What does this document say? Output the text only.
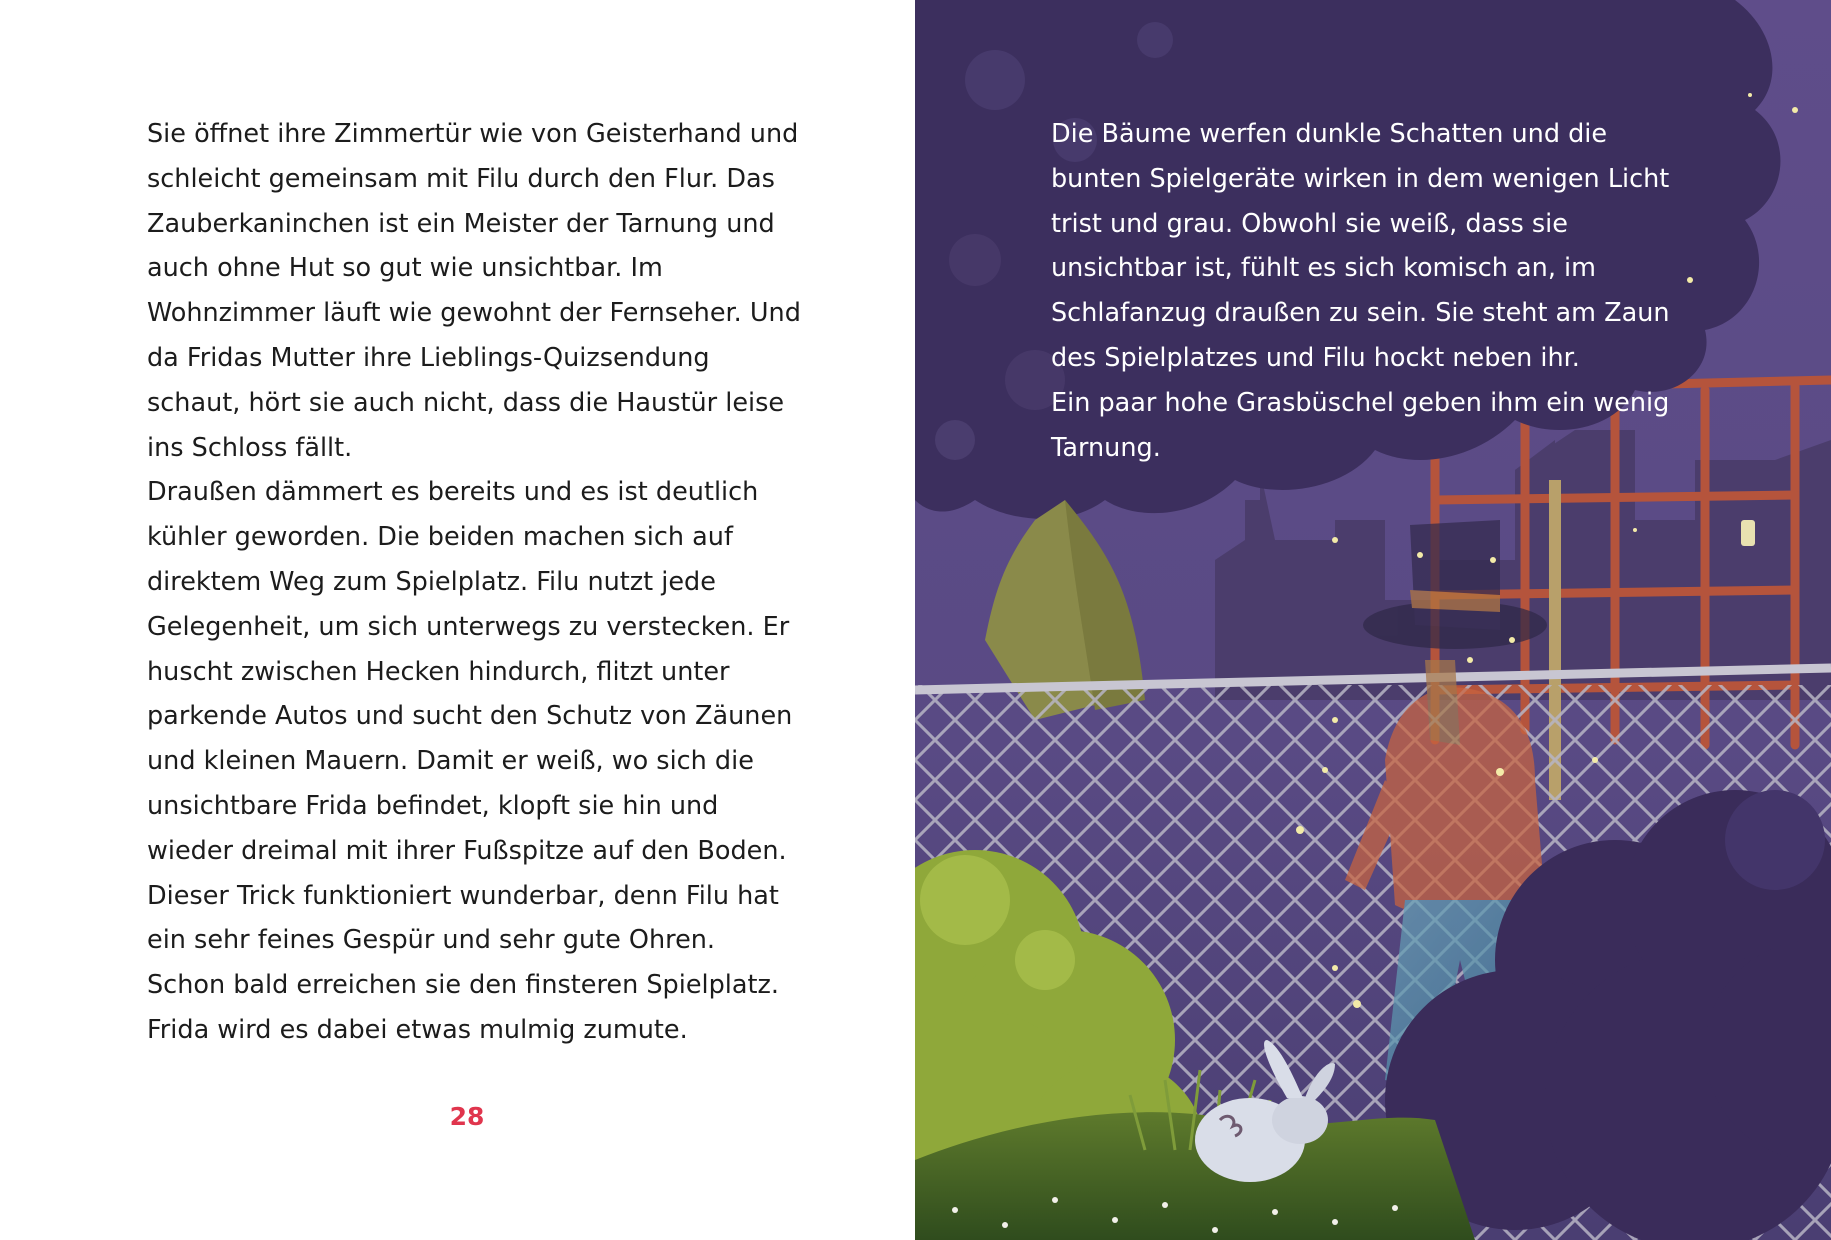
Sie öffnet ihre Zimmertür wie von Geisterhand und schleicht gemeinsam mit Filu durch den Flur. Das Zauberkaninchen ist ein Meister der Tarnung und auch ohne Hut so gut wie unsichtbar. Im Wohnzimmer läuft wie gewohnt der Fernseher. Und da Fridas Mutter ihre Lieblings-Quizsendung schaut, hört sie auch nicht, dass die Haustür leise ins Schloss fällt.

Draußen dämmert es bereits und es ist deutlich kühler geworden. Die beiden machen sich auf direktem Weg zum Spielplatz. Filu nutzt jede Gelegenheit, um sich unterwegs zu verstecken. Er huscht zwischen Hecken hindurch, flitzt unter parkende Autos und sucht den Schutz von Zäunen und kleinen Mauern. Damit er weiß, wo sich die unsichtbare Frida befindet, klopft sie hin und wieder dreimal mit ihrer Fußspitze auf den Boden. Dieser Trick funktioniert wunderbar, denn Filu hat ein sehr feines Gespür und sehr gute Ohren.

Schon bald erreichen sie den finsteren Spielplatz. Frida wird es dabei etwas mulmig zumute.

28

Die Bäume werfen dunkle Schatten und die bunten Spielgeräte wirken in dem wenigen Licht trist und grau. Obwohl sie weiß, dass sie unsichtbar ist, fühlt es sich komisch an, im Schlafanzug draußen zu sein. Sie steht am Zaun des Spielplatzes und Filu hockt neben ihr.

Ein paar hohe Grasbüschel geben ihm ein wenig Tarnung.
